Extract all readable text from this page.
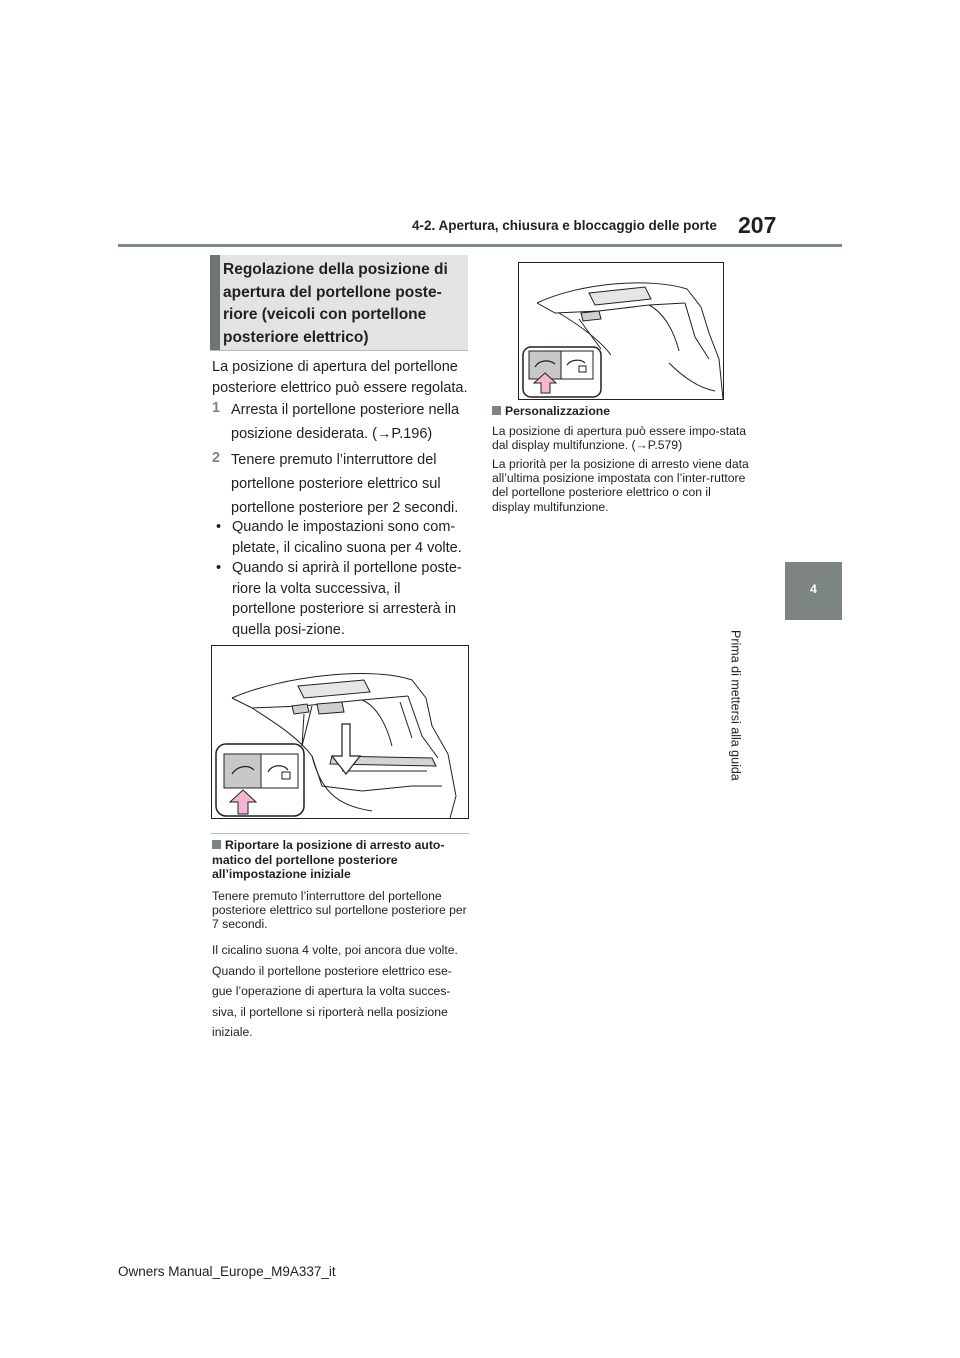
4-2. Apertura, chiusura e bloccaggio delle porte 207
4
Prima di mettersi alla guida
Regolazione della posizione di apertura del portellone poste-riore (veicoli con portellone posteriore elettrico)
La posizione di apertura del portellone posteriore elettrico può essere regolata.
1 Arresta il portellone posteriore nella posizione desiderata. (→P.196)
2 Tenere premuto l’interruttore del portellone posteriore elettrico sul portellone posteriore per 2 secondi.
• Quando le impostazioni sono com-pletate, il cicalino suona per 4 volte.
• Quando si aprirà il portellone poste-riore la volta successiva, il portellone posteriore si arresterà in quella posi-zione.
Riportare la posizione di arresto auto-matico del portellone posteriore all’impostazione iniziale
Tenere premuto l’interruttore del portellone posteriore elettrico sul portellone posteriore per 7 secondi.
Il cicalino suona 4 volte, poi ancora due volte. Quando il portellone posteriore elettrico ese-gue l’operazione di apertura la volta succes-siva, il portellone si riporterà nella posizione iniziale.
Personalizzazione
La posizione di apertura può essere impo-stata dal display multifunzione. (→P.579)
La priorità per la posizione di arresto viene data all’ultima posizione impostata con l’inter-ruttore del portellone posteriore elettrico o con il display multifunzione.
Owners Manual_Europe_M9A337_it
